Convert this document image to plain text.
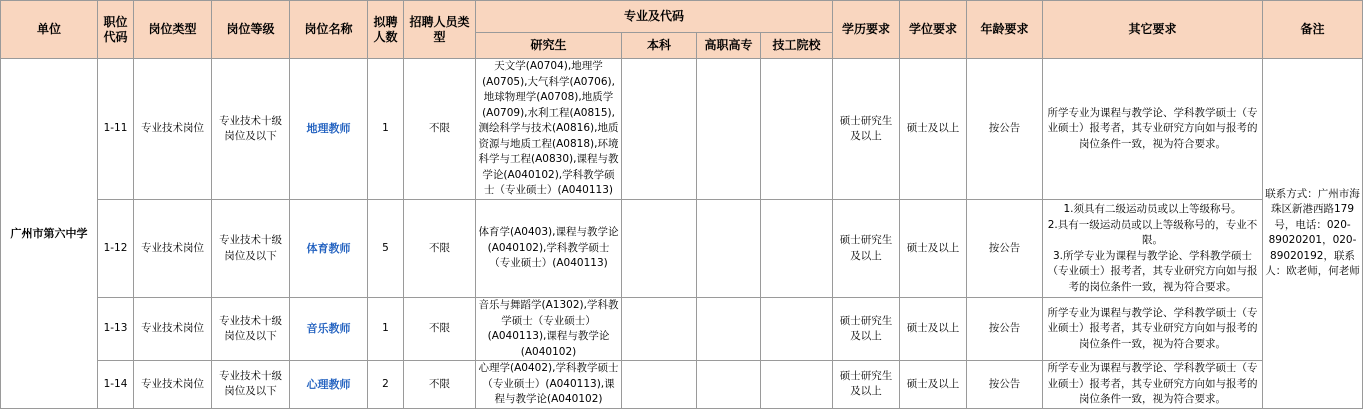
单位	职位代码	岗位类型	岗位等级	岗位名称	拟聘人数	招聘人员类型	专业及代码				学历要求	学位要求	年龄要求	其它要求	备注
							研究生	本科	高职高专	技工院校					
广州市第六中学	1-11	专业技术岗位	专业技术十级岗位及以下	地理教师	1	不限	天文学(A0704),地理学(A0705),大气科学(A0706),地球物理学(A0708),地质学(A0709),水利工程(A0815),测绘科学与技术(A0816),地质资源与地质工程(A0818),环境科学与工程(A0830),课程与教学论(A040102),学科教学硕士（专业硕士）(A040113)				硕士研究生及以上	硕士及以上	按公告	所学专业为课程与教学论、学科教学硕士（专业硕士）报考者，其专业研究方向如与报考的岗位条件一致，视为符合要求。	联系方式：广州市海珠区新港西路179号，电话：020-89020201，020-89020192，联系人：欧老师，何老师
	1-12	专业技术岗位	专业技术十级岗位及以下	体育教师	5	不限	体育学(A0403),课程与教学论(A040102),学科教学硕士（专业硕士）(A040113)				硕士研究生及以上	硕士及以上	按公告	1.须具有二级运动员或以上等级称号。
2.具有一级运动员或以上等级称号的，专业不限。
3.所学专业为课程与教学论、学科教学硕士（专业硕士）报考者，其专业研究方向如与报考的岗位条件一致，视为符合要求。	

	1-13	专业技术岗位	专业技术十级岗位及以下	音乐教师	1	不限	音乐与舞蹈学(A1302),学科教学硕士（专业硕士）(A040113),课程与教学论(A040102)				硕士研究生及以上	硕士及以上	按公告	所学专业为课程与教学论、学科教学硕士（专业硕士）报考者，其专业研究方向如与报考的岗位条件一致，视为符合要求。	
	1-14	专业技术岗位	专业技术十级岗位及以下	心理教师	2	不限	心理学(A0402),学科教学硕士（专业硕士）(A040113),课程与教学论(A040102)				硕士研究生及以上	硕士及以上	按公告	所学专业为课程与教学论、学科教学硕士（专业硕士）报考者，其专业研究方向如与报考的岗位条件一致，视为符合要求。	
